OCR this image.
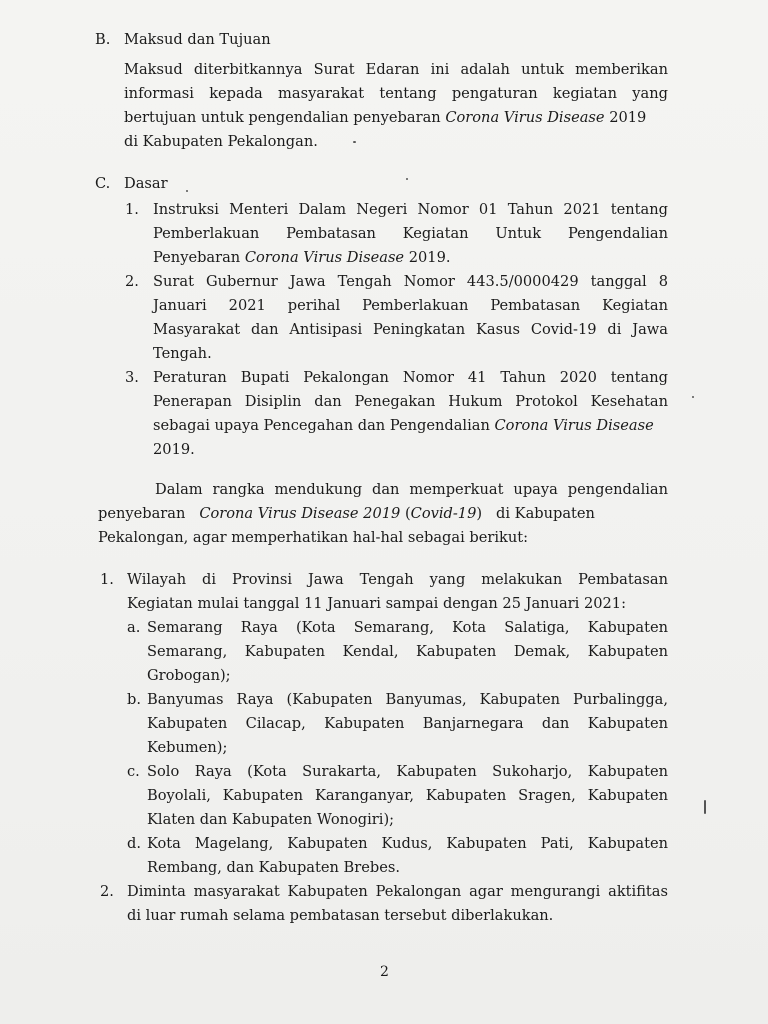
B. Maksud dan Tujuan
Maksud diterbitkannya Surat Edaran ini adalah untuk memberikan
informasi kepada masyarakat tentang pengaturan kegiatan yang
bertujuan untuk pengendalian penyebaran Corona Virus Disease 2019
di Kabupaten Pekalongan.
C. Dasar
1. Instruksi Menteri Dalam Negeri Nomor 01 Tahun 2021 tentang
Pemberlakuan Pembatasan Kegiatan Untuk Pengendalian
Penyebaran Corona Virus Disease 2019.
2. Surat Gubernur Jawa Tengah Nomor 443.5/0000429 tanggal 8
Januari 2021 perihal Pemberlakuan Pembatasan Kegiatan
Masyarakat dan Antisipasi Peningkatan Kasus Covid-19 di Jawa
Tengah.
3. Peraturan Bupati Pekalongan Nomor 41 Tahun 2020 tentang
Penerapan Disiplin dan Penegakan Hukum Protokol Kesehatan
sebagai upaya Pencegahan dan Pengendalian Corona Virus Disease
2019.
Dalam rangka mendukung dan memperkuat upaya pengendalian
penyebaran Corona Virus Disease 2019 (Covid-19) di Kabupaten
Pekalongan, agar memperhatikan hal-hal sebagai berikut:
1. Wilayah di Provinsi Jawa Tengah yang melakukan Pembatasan
Kegiatan mulai tanggal 11 Januari sampai dengan 25 Januari 2021:
a. Semarang Raya (Kota Semarang, Kota Salatiga, Kabupaten
Semarang, Kabupaten Kendal, Kabupaten Demak, Kabupaten
Grobogan);
b. Banyumas Raya (Kabupaten Banyumas, Kabupaten Purbalingga,
Kabupaten Cilacap, Kabupaten Banjarnegara dan Kabupaten
Kebumen);
c. Solo Raya (Kota Surakarta, Kabupaten Sukoharjo, Kabupaten
Boyolali, Kabupaten Karanganyar, Kabupaten Sragen, Kabupaten
Klaten dan Kabupaten Wonogiri);
d. Kota Magelang, Kabupaten Kudus, Kabupaten Pati, Kabupaten
Rembang, dan Kabupaten Brebes.
2. Diminta masyarakat Kabupaten Pekalongan agar mengurangi aktifitas
di luar rumah selama pembatasan tersebut diberlakukan.
2
